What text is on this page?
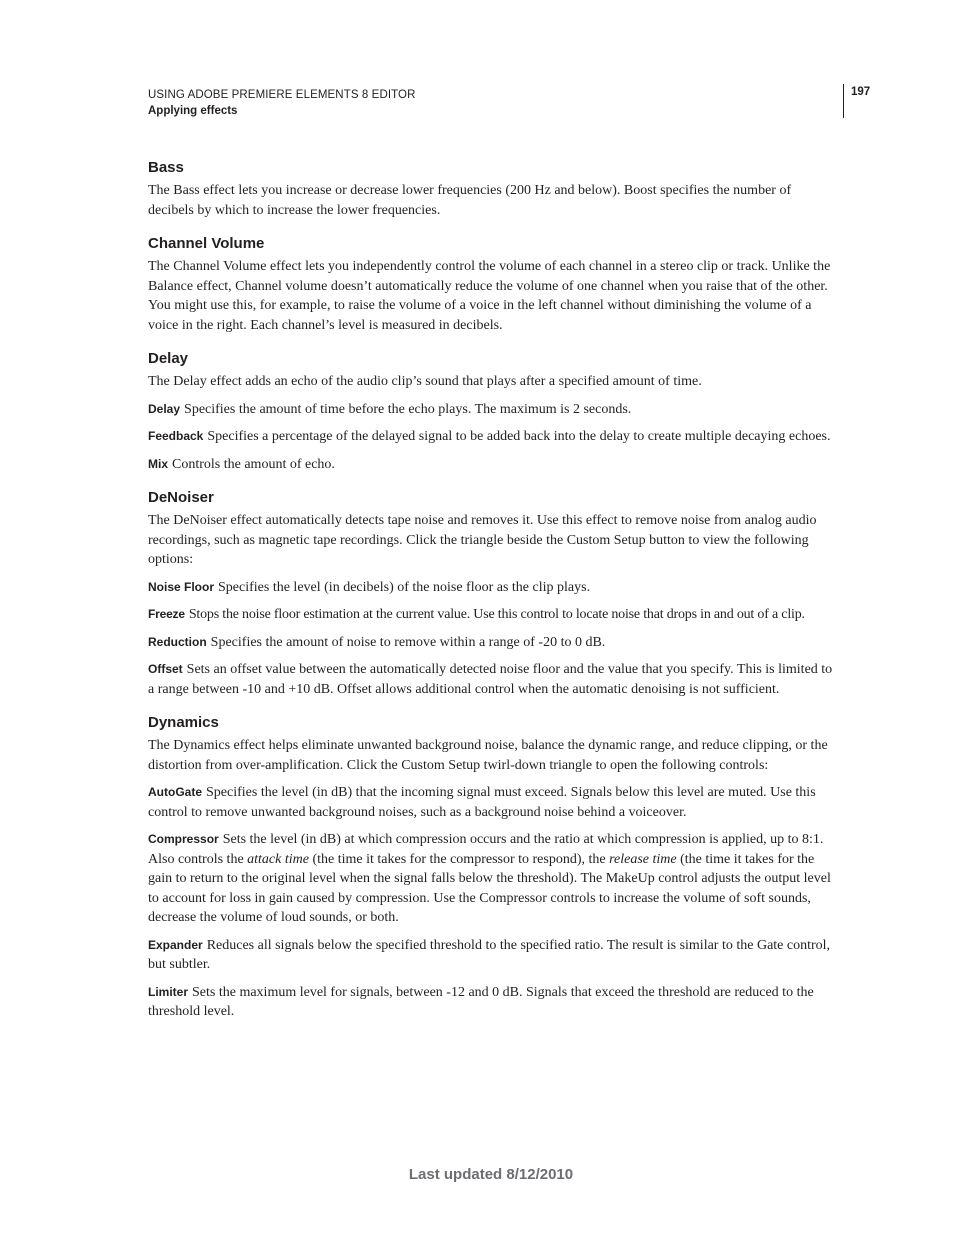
USING ADOBE PREMIERE ELEMENTS 8 EDITOR
Applying effects
197
Bass

The Bass effect lets you increase or decrease lower frequencies (200 Hz and below). Boost specifies the number of decibels by which to increase the lower frequencies.

Channel Volume

The Channel Volume effect lets you independently control the volume of each channel in a stereo clip or track. Unlike the Balance effect, Channel volume doesn’t automatically reduce the volume of one channel when you raise that of the other. You might use this, for example, to raise the volume of a voice in the left channel without diminishing the volume of a voice in the right. Each channel’s level is measured in decibels.

Delay

The Delay effect adds an echo of the audio clip’s sound that plays after a specified amount of time.

Delay Specifies the amount of time before the echo plays. The maximum is 2 seconds.

Feedback Specifies a percentage of the delayed signal to be added back into the delay to create multiple decaying echoes.

Mix Controls the amount of echo.

DeNoiser

The DeNoiser effect automatically detects tape noise and removes it. Use this effect to remove noise from analog audio recordings, such as magnetic tape recordings. Click the triangle beside the Custom Setup button to view the following options:

Noise Floor Specifies the level (in decibels) of the noise floor as the clip plays.

Freeze Stops the noise floor estimation at the current value. Use this control to locate noise that drops in and out of a clip.

Reduction Specifies the amount of noise to remove within a range of -20 to 0 dB.

Offset Sets an offset value between the automatically detected noise floor and the value that you specify. This is limited to a range between -10 and +10 dB. Offset allows additional control when the automatic denoising is not sufficient.

Dynamics

The Dynamics effect helps eliminate unwanted background noise, balance the dynamic range, and reduce clipping, or the distortion from over-amplification. Click the Custom Setup twirl-down triangle to open the following controls:

AutoGate Specifies the level (in dB) that the incoming signal must exceed. Signals below this level are muted. Use this control to remove unwanted background noises, such as a background noise behind a voiceover.

Compressor Sets the level (in dB) at which compression occurs and the ratio at which compression is applied, up to 8:1. Also controls the attack time (the time it takes for the compressor to respond), the release time (the time it takes for the gain to return to the original level when the signal falls below the threshold). The MakeUp control adjusts the output level to account for loss in gain caused by compression. Use the Compressor controls to increase the volume of soft sounds, decrease the volume of loud sounds, or both.

Expander Reduces all signals below the specified threshold to the specified ratio. The result is similar to the Gate control, but subtler.

Limiter Sets the maximum level for signals, between -12 and 0 dB. Signals that exceed the threshold are reduced to the threshold level.

Last updated 8/12/2010
